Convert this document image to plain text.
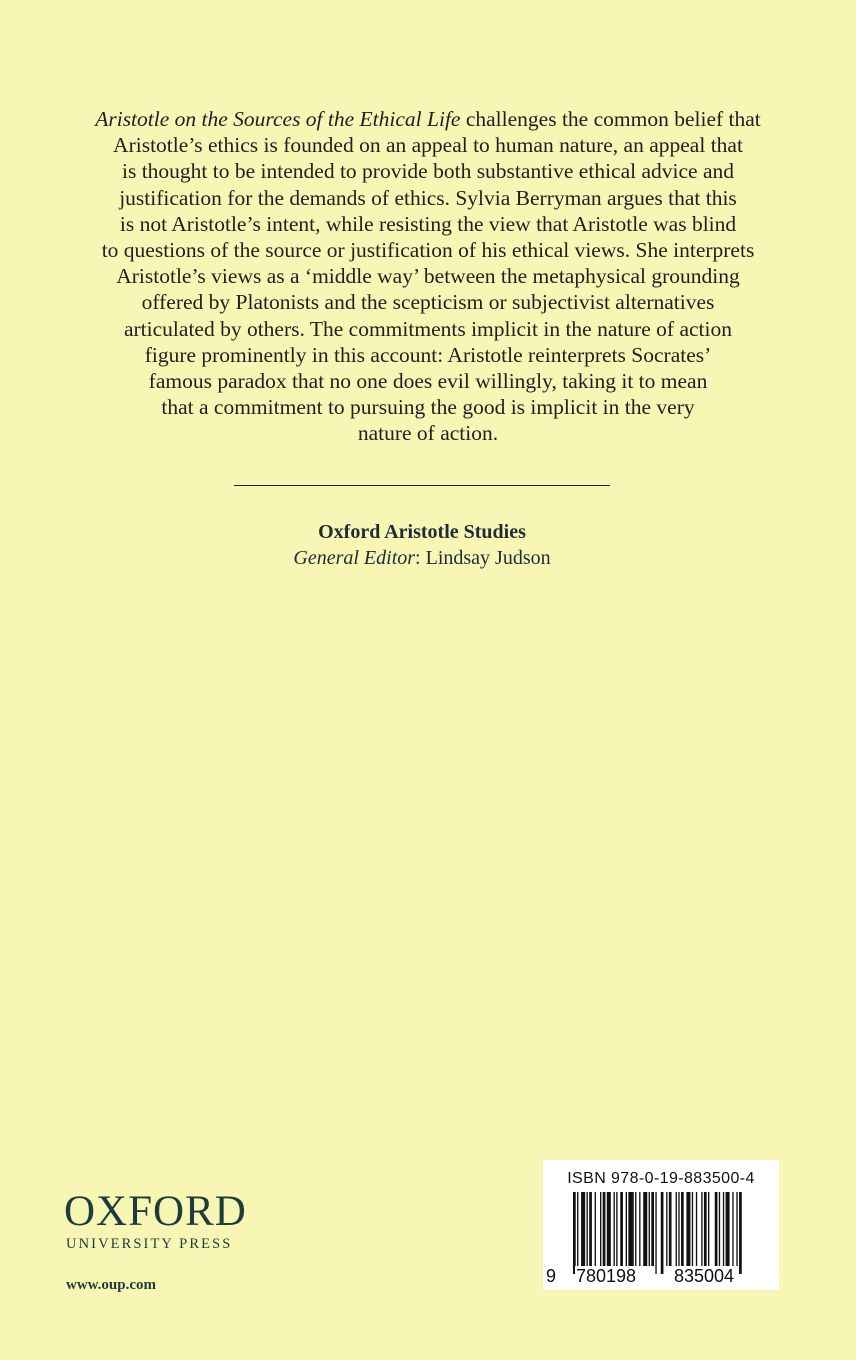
Aristotle on the Sources of the Ethical Life challenges the common belief that
Aristotle’s ethics is founded on an appeal to human nature, an appeal that
is thought to be intended to provide both substantive ethical advice and
justification for the demands of ethics. Sylvia Berryman argues that this
is not Aristotle’s intent, while resisting the view that Aristotle was blind
to questions of the source or justification of his ethical views. She interprets
Aristotle’s views as a ‘middle way’ between the metaphysical grounding
offered by Platonists and the scepticism or subjectivist alternatives
articulated by others. The commitments implicit in the nature of action
figure prominently in this account: Aristotle reinterprets Socrates’
famous paradox that no one does evil willingly, taking it to mean
that a commitment to pursuing the good is implicit in the very
nature of action.
Oxford Aristotle Studies
General Editor: Lindsay Judson
OXFORD
UNIVERSITY PRESS
www.oup.com
ISBN 978-0-19-883500-4
9 780198 835004
